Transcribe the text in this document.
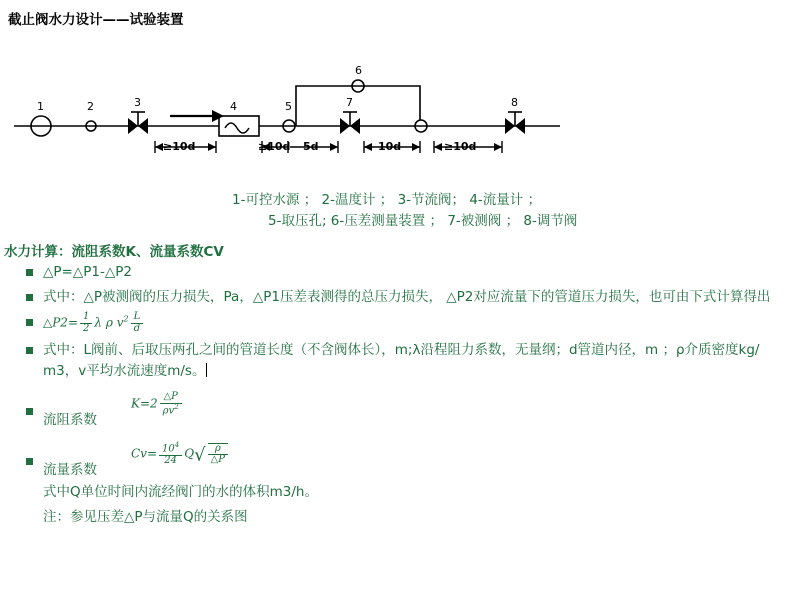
截止阀水力设计——试验装置
1	2	3	4	5
6
7	8
≥10d	≥10d 5d	10d	≥10d
1-可控水源 ； 2-温度计 ； 3-节流阀； 4-流量计 ；
5-取压孔; 6-压差测量装置 ； 7-被测阀 ； 8-调节阀
水力计算：流阻系数K、流量系数CV
△P=△P1-△P2
式中：△P被测阀的压力损失，Pa，△P1压差表测得的总压力损失， △P2对应流量下的管道压力损失，也可由下式计算得出
△P2= $\frac{1}{2}$ λ ρ $v^2 \frac{L}{d}$
式中：L阀前、后取压两孔之间的管道长度（不含阀体长），m;λ沿程阻力系数，无量纲；d管道内径，m ；ρ介质密度kg/ m3，v平均水流速度m/s。
流阻系数
$K=2 \frac{\triangle P}{\rho v^2}$
流量系数
$Cv= \frac{10^4}{24} Q√ \frac{\rho}{\triangle P}$
式中Q单位时间内流经阀门的水的体积m3/h。
注：参见压差△P与流量Q的关系图
